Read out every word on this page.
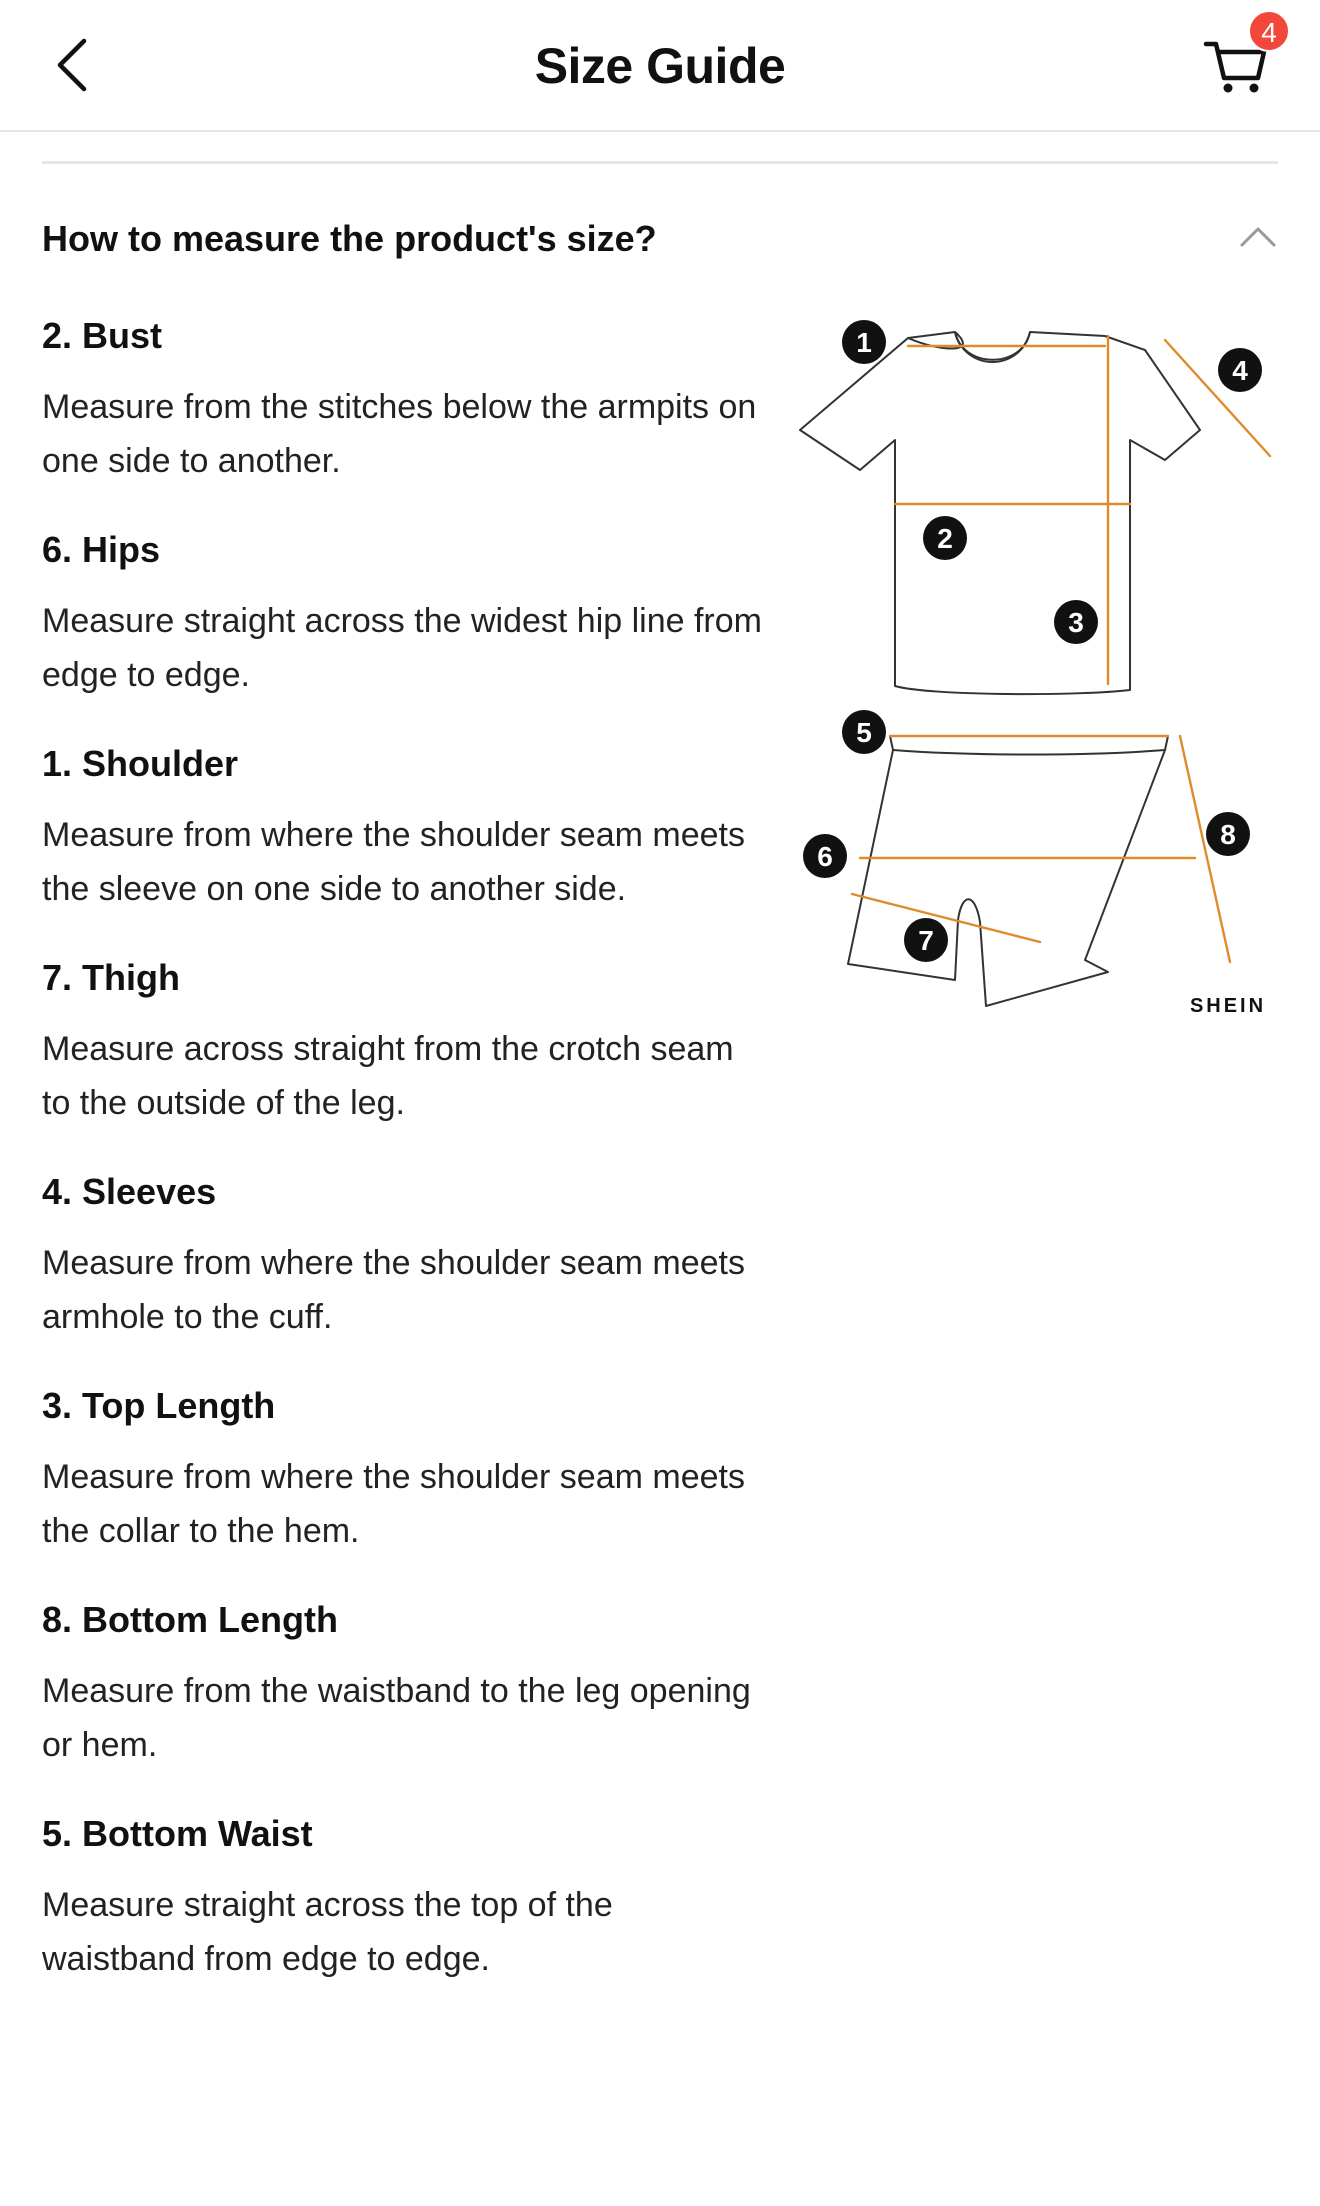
Size Guide
4
How to measure the product's size?

2. Bust

Measure from the stitches below the armpits on one side to another.

6. Hips

Measure straight across the widest hip line from edge to edge.

1. Shoulder

Measure from where the shoulder seam meets the sleeve on one side to another side.

7. Thigh

Measure across straight from the crotch seam to the outside of the leg.

4. Sleeves

Measure from where the shoulder seam meets armhole to the cuff.

3. Top Length

Measure from where the shoulder seam meets the collar to the hem.

8. Bottom Length

Measure from the waistband to the leg opening or hem.

5. Bottom Waist

Measure straight across the top of the waistband from edge to edge.

1
2
3
4
5
6
7
8
SHEIN
